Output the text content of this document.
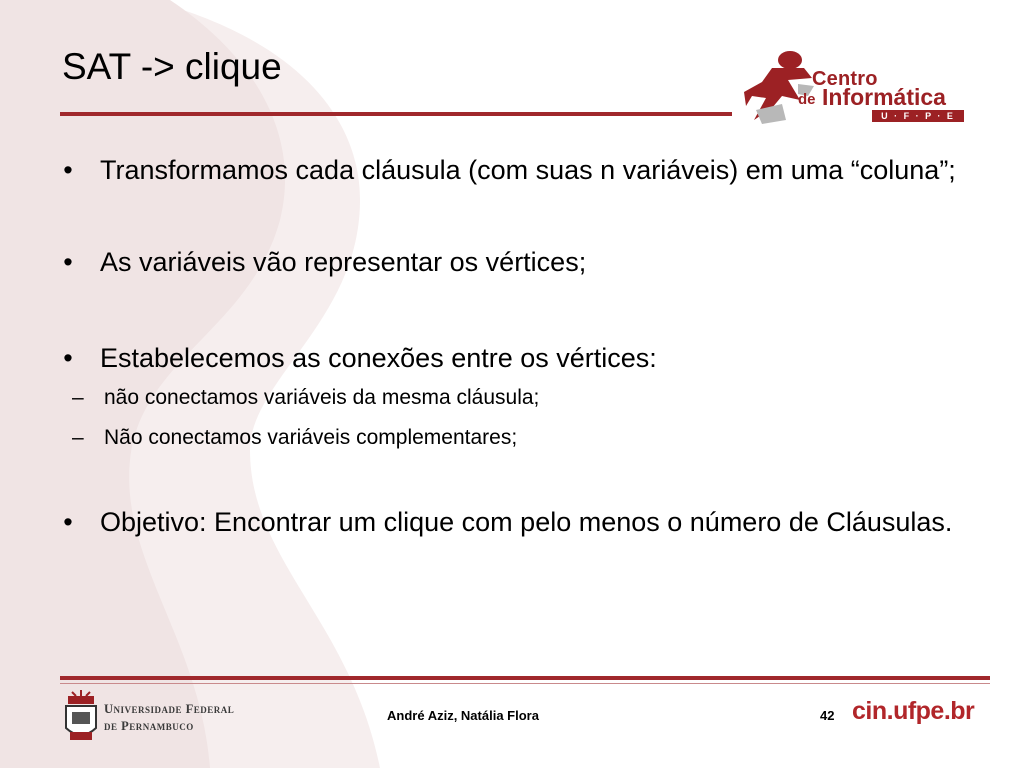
SAT -> clique	Centro
de Informática
U · F · P · E
• Transformamos cada cláusula (com suas n variáveis) em uma “coluna”;
• As variáveis vão representar os vértices;
• Estabelecemos as conexões entre os vértices:
– não conectamos variáveis da mesma cláusula;
– Não conectamos variáveis complementares;
• Objetivo: Encontrar um clique com pelo menos o número de Cláusulas.
Universidade Federal
de Pernambuco
André Aziz, Natália Flora	42 cin.ufpe.br
